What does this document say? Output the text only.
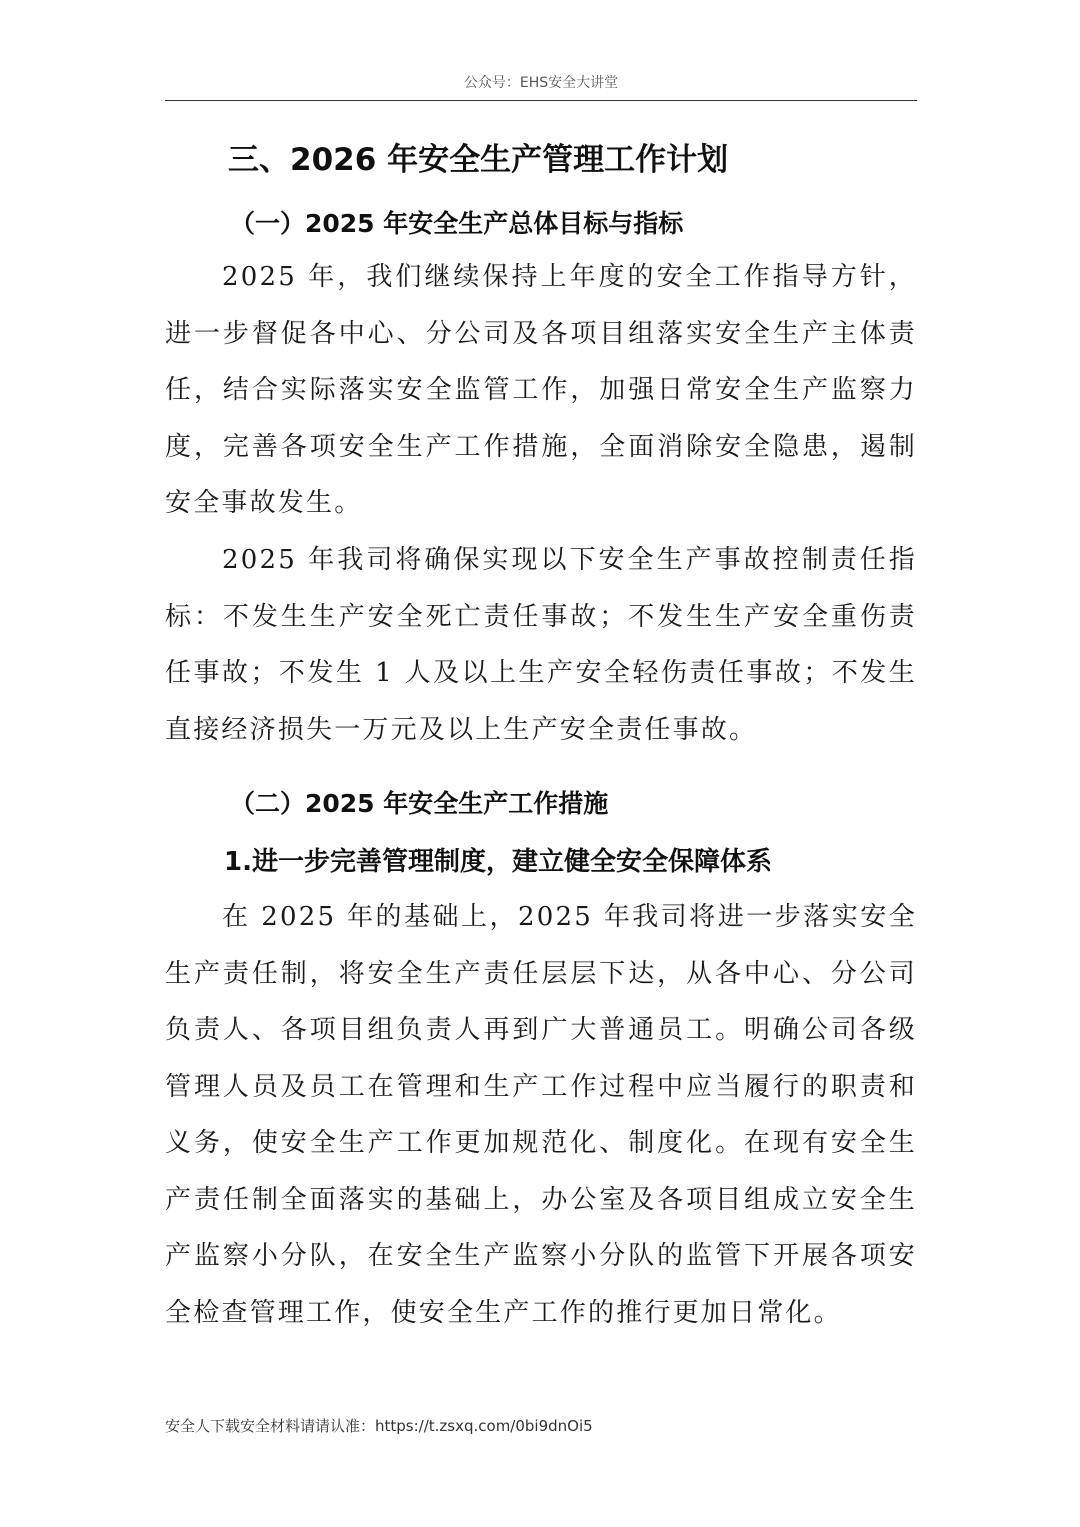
公众号：EHS安全大讲堂
三、2026 年安全生产管理工作计划
（一）2025 年安全生产总体目标与指标

2025 年，我们继续保持上年度的安全工作指导方针，进一步督促各中心、分公司及各项目组落实安全生产主体责任，结合实际落实安全监管工作，加强日常安全生产监察力度，完善各项安全生产工作措施，全面消除安全隐患，遏制安全事故发生。

2025 年我司将确保实现以下安全生产事故控制责任指标：不发生生产安全死亡责任事故；不发生生产安全重伤责任事故；不发生 1 人及以上生产安全轻伤责任事故；不发生直接经济损失一万元及以上生产安全责任事故。

（二）2025 年安全生产工作措施
1.进一步完善管理制度，建立健全安全保障体系

在 2025 年的基础上，2025 年我司将进一步落实安全生产责任制，将安全生产责任层层下达，从各中心、分公司负责人、各项目组负责人再到广大普通员工。明确公司各级管理人员及员工在管理和生产工作过程中应当履行的职责和义务，使安全生产工作更加规范化、制度化。在现有安全生产责任制全面落实的基础上，办公室及各项目组成立安全生产监察小分队，在安全生产监察小分队的监管下开展各项安全检查管理工作，使安全生产工作的推行更加日常化。

安全人下载安全材料请请认准：https://t.zsxq.com/0bi9dnOi5
